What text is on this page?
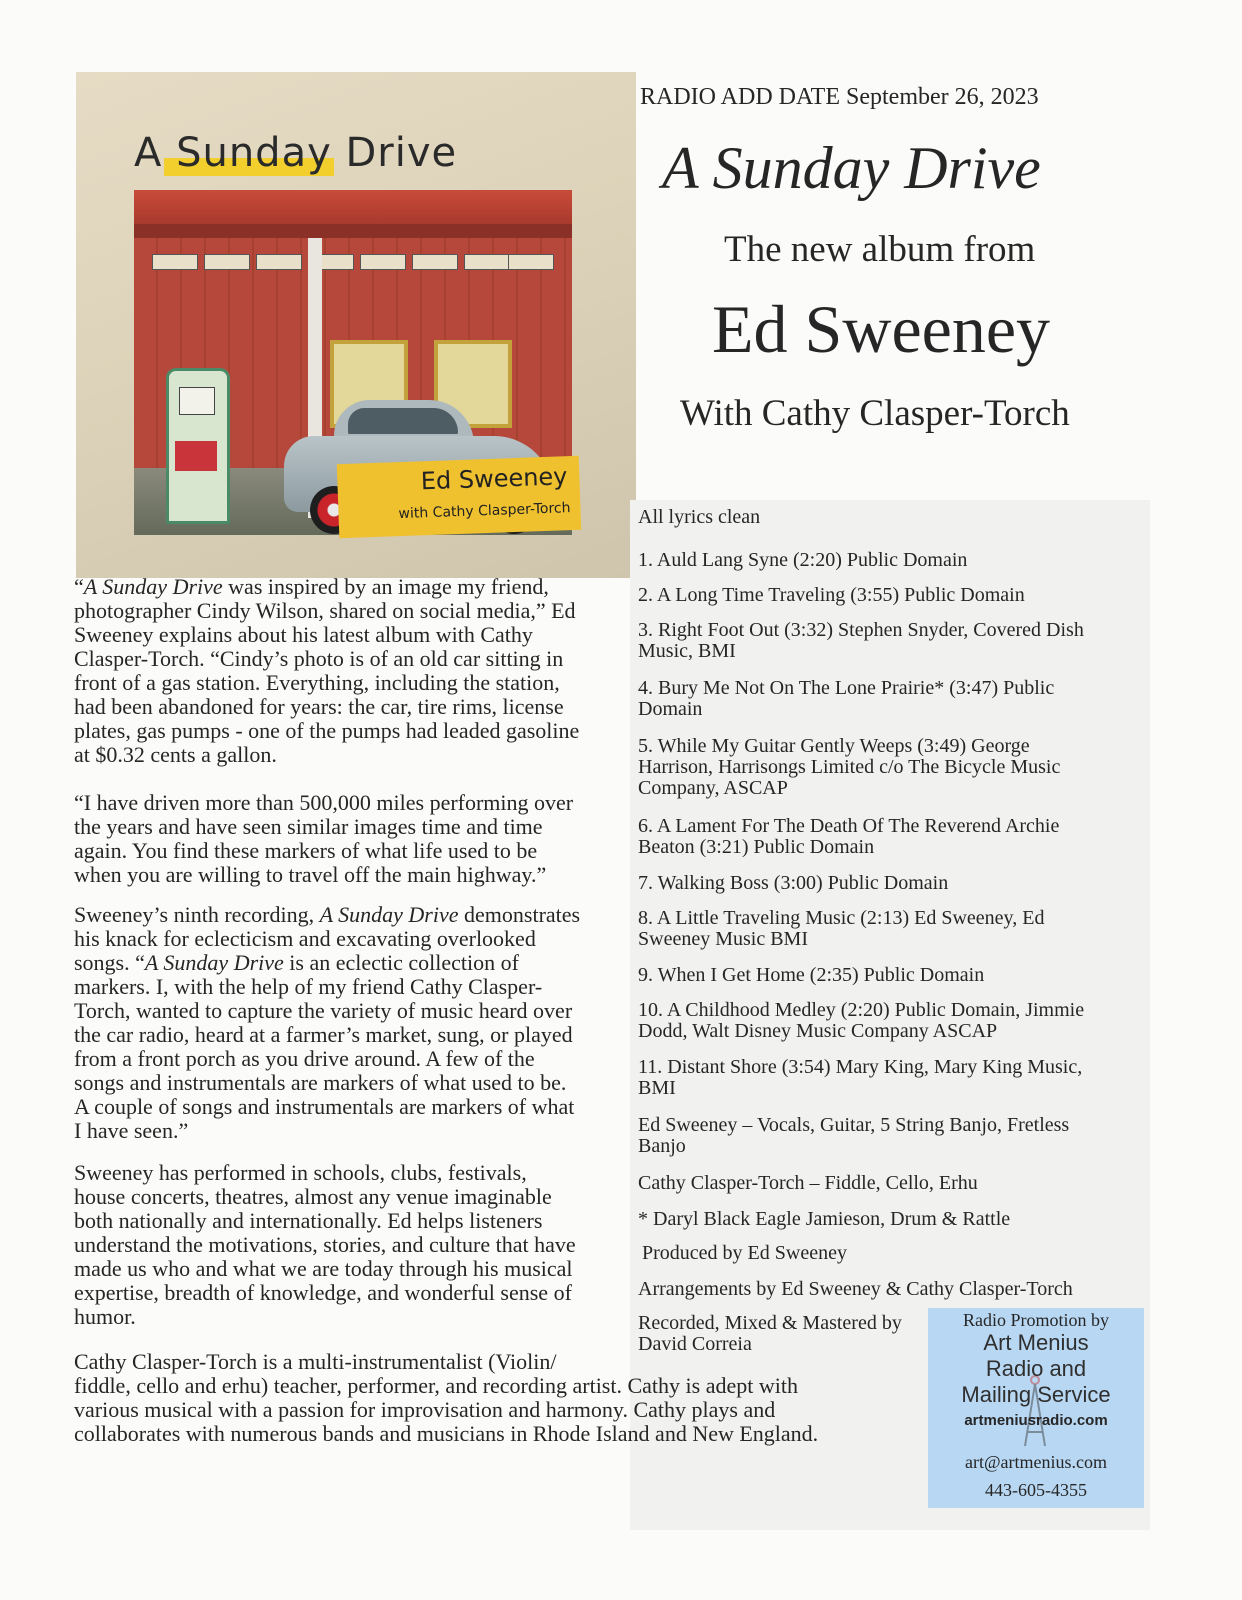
A Sunday Drive
Ed Sweeney
with Cathy Clasper-Torch
RADIO ADD DATE September 26, 2023
A Sunday Drive
The new album from
Ed Sweeney
With Cathy Clasper-Torch
All lyrics clean
1. Auld Lang Syne (2:20) Public Domain
2. A Long Time Traveling (3:55) Public Domain
3. Right Foot Out (3:32) Stephen Snyder, Covered Dish
Music, BMI
4. Bury Me Not On The Lone Prairie* (3:47) Public
Domain
5. While My Guitar Gently Weeps (3:49) George
Harrison, Harrisongs Limited c/o The Bicycle Music
Company, ASCAP
6. A Lament For The Death Of The Reverend Archie
Beaton (3:21) Public Domain
7. Walking Boss (3:00) Public Domain
8. A Little Traveling Music (2:13) Ed Sweeney, Ed
Sweeney Music BMI
9. When I Get Home (2:35) Public Domain
10. A Childhood Medley (2:20) Public Domain, Jimmie
Dodd, Walt Disney Music Company ASCAP
11. Distant Shore (3:54) Mary King, Mary King Music,
BMI
Ed Sweeney – Vocals, Guitar, 5 String Banjo, Fretless
Banjo
Cathy Clasper-Torch – Fiddle, Cello, Erhu
* Daryl Black Eagle Jamieson, Drum & Rattle
Produced by Ed Sweeney
Arrangements by Ed Sweeney & Cathy Clasper-Torch
Recorded, Mixed & Mastered by
David Correia
“A Sunday Drive was inspired by an image my friend,
photographer Cindy Wilson, shared on social media,” Ed
Sweeney explains about his latest album with Cathy
Clasper-Torch. “Cindy’s photo is of an old car sitting in
front of a gas station. Everything, including the station,
had been abandoned for years: the car, tire rims, license
plates, gas pumps - one of the pumps had leaded gasoline
at $0.32 cents a gallon.
“I have driven more than 500,000 miles performing over
the years and have seen similar images time and time
again. You find these markers of what life used to be
when you are willing to travel off the main highway.”
Sweeney’s ninth recording, A Sunday Drive demonstrates
his knack for eclecticism and excavating overlooked
songs. “A Sunday Drive is an eclectic collection of
markers. I, with the help of my friend Cathy Clasper-
Torch, wanted to capture the variety of music heard over
the car radio, heard at a farmer’s market, sung, or played
from a front porch as you drive around. A few of the
songs and instrumentals are markers of what used to be.
A couple of songs and instrumentals are markers of what
I have seen.”
Sweeney has performed in schools, clubs, festivals,
house concerts, theatres, almost any venue imaginable
both nationally and internationally. Ed helps listeners
understand the motivations, stories, and culture that have
made us who and what we are today through his musical
expertise, breadth of knowledge, and wonderful sense of
humor.
Cathy Clasper-Torch is a multi-instrumentalist (Violin/
fiddle, cello and erhu) teacher, performer, and recording artist. Cathy is adept with
various musical with a passion for improvisation and harmony. Cathy plays and
collaborates with numerous bands and musicians in Rhode Island and New England.
Radio Promotion by
Art Menius
Radio and
Mailing Service
artmeniusradio.com
art@artmenius.com
443-605-4355
